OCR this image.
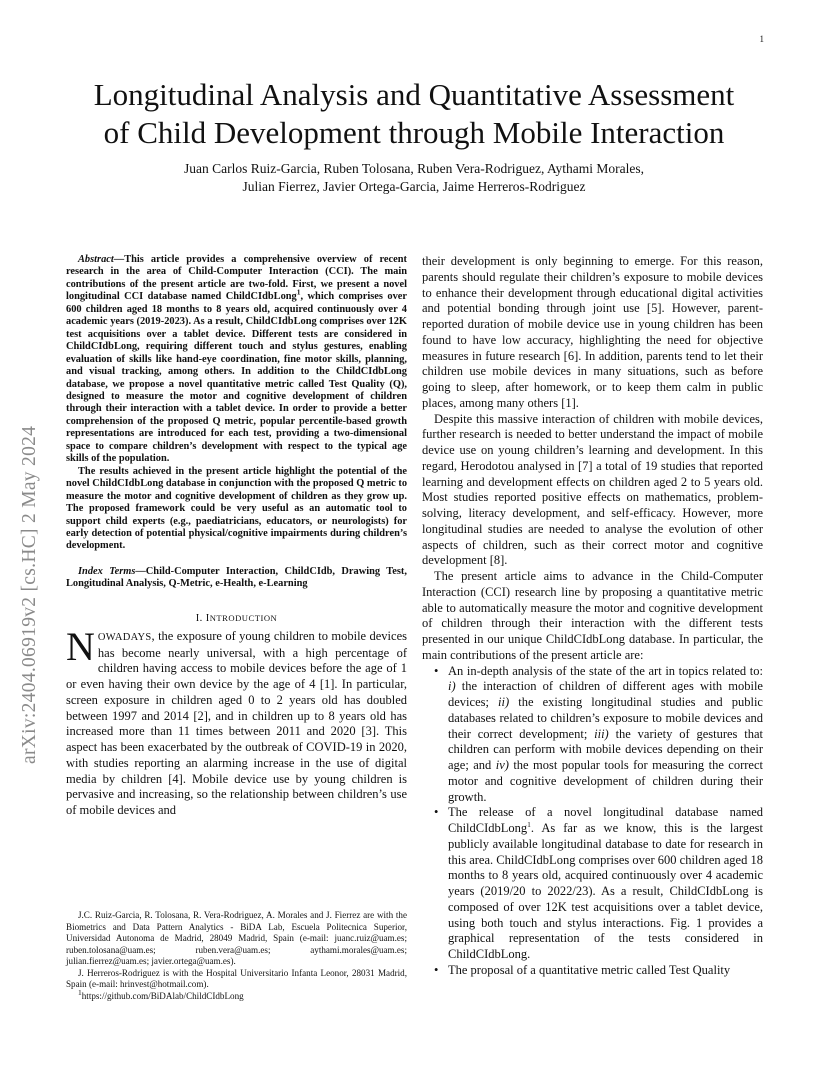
1
arXiv:2404.06919v2 [cs.HC] 2 May 2024
Longitudinal Analysis and Quantitative Assessment
of Child Development through Mobile Interaction
Juan Carlos Ruiz-Garcia, Ruben Tolosana, Ruben Vera-Rodriguez, Aythami Morales,
Julian Fierrez, Javier Ortega-Garcia, Jaime Herreros-Rodriguez

Abstract—This article provides a comprehensive overview of recent research in the area of Child-Computer Interaction (CCI). The main contributions of the present article are two-fold. First, we present a novel longitudinal CCI database named ChildCIdbLong$^1$, which comprises over 600 children aged 18 months to 8 years old, acquired continuously over 4 academic years (2019-2023). As a result, ChildCIdbLong comprises over 12K test acquisitions over a tablet device. Different tests are considered in ChildCIdbLong, requiring different touch and stylus gestures, enabling evaluation of skills like hand-eye coordination, fine motor skills, planning, and visual tracking, among others. In addition to the ChildCIdbLong database, we propose a novel quantitative metric called Test Quality (Q), designed to measure the motor and cognitive development of children through their interaction with a tablet device. In order to provide a better comprehension of the proposed Q metric, popular percentile-based growth representations are introduced for each test, providing a two-dimensional space to compare children’s development with respect to the typical age skills of the population.

The results achieved in the present article highlight the potential of the novel ChildCIdbLong database in conjunction with the proposed Q metric to measure the motor and cognitive development of children as they grow up. The proposed framework could be very useful as an automatic tool to support child experts (e.g., paediatricians, educators, or neurologists) for early detection of potential physical/cognitive impairments during children’s development.

Index Terms—Child-Computer Interaction, ChildCIdb, Drawing Test, Longitudinal Analysis, Q-Metric, e-Health, e-Learning
I. INTRODUCTION

NOWADAYS, the exposure of young children to mobile devices has become nearly universal, with a high percentage of children having access to mobile devices before the age of 1 or even having their own device by the age of 4 [1]. In particular, screen exposure in children aged 0 to 2 years old has doubled between 1997 and 2014 [2], and in children up to 8 years old has increased more than 11 times between 2011 and 2020 [3]. This aspect has been exacerbated by the outbreak of COVID-19 in 2020, with studies reporting an alarming increase in the use of digital media by children [4]. Mobile device use by young children is pervasive and increasing, so the relationship between children’s use of mobile devices and

J.C. Ruiz-Garcia, R. Tolosana, R. Vera-Rodriguez, A. Morales and J. Fierrez are with the Biometrics and Data Pattern Analytics - BiDA Lab, Escuela Politecnica Superior, Universidad Autonoma de Madrid, 28049 Madrid, Spain (e-mail: juanc.ruiz@uam.es; ruben.tolosana@uam.es; ruben.vera@uam.es; aythami.morales@uam.es; julian.fierrez@uam.es; javier.ortega@uam.es).

J. Herreros-Rodriguez is with the Hospital Universitario Infanta Leonor, 28031 Madrid, Spain (e-mail: hrinvest@hotmail.com).

$^1$https://github.com/BiDAlab/ChildCIdbLong

their development is only beginning to emerge. For this reason, parents should regulate their children’s exposure to mobile devices to enhance their development through educational digital activities and potential bonding through joint use [5]. However, parent-reported duration of mobile device use in young children has been found to have low accuracy, highlighting the need for objective measures in future research [6]. In addition, parents tend to let their children use mobile devices in many situations, such as before going to sleep, after homework, or to keep them calm in public places, among many others [1].

Despite this massive interaction of children with mobile devices, further research is needed to better understand the impact of mobile device use on young children’s learning and development. In this regard, Herodotou analysed in [7] a total of 19 studies that reported learning and development effects on children aged 2 to 5 years old. Most studies reported positive effects on mathematics, problem-solving, literacy development, and self-efficacy. However, more longitudinal studies are needed to analyse the evolution of other aspects of children, such as their correct motor and cognitive development [8].

The present article aims to advance in the Child-Computer Interaction (CCI) research line by proposing a quantitative metric able to automatically measure the motor and cognitive development of children through their interaction with the different tests presented in our unique ChildCIdbLong database. In particular, the main contributions of the present article are:

• An in-depth analysis of the state of the art in topics related to: i) the interaction of children of different ages with mobile devices; ii) the existing longitudinal studies and public databases related to children’s exposure to mobile devices and their correct development; iii) the variety of gestures that children can perform with mobile devices depending on their age; and iv) the most popular tools for measuring the correct motor and cognitive development of children during their growth.
• The release of a novel longitudinal database named ChildCIdbLong$^1$. As far as we know, this is the largest publicly available longitudinal database to date for research in this area. ChildCIdbLong comprises over 600 children aged 18 months to 8 years old, acquired continuously over 4 academic years (2019/20 to 2022/23). As a result, ChildCIdbLong is composed of over 12K test acquisitions over a tablet device, using both touch and stylus interactions. Fig. 1 provides a graphical representation of the tests considered in ChildCIdbLong.
• The proposal of a quantitative metric called Test Quality
